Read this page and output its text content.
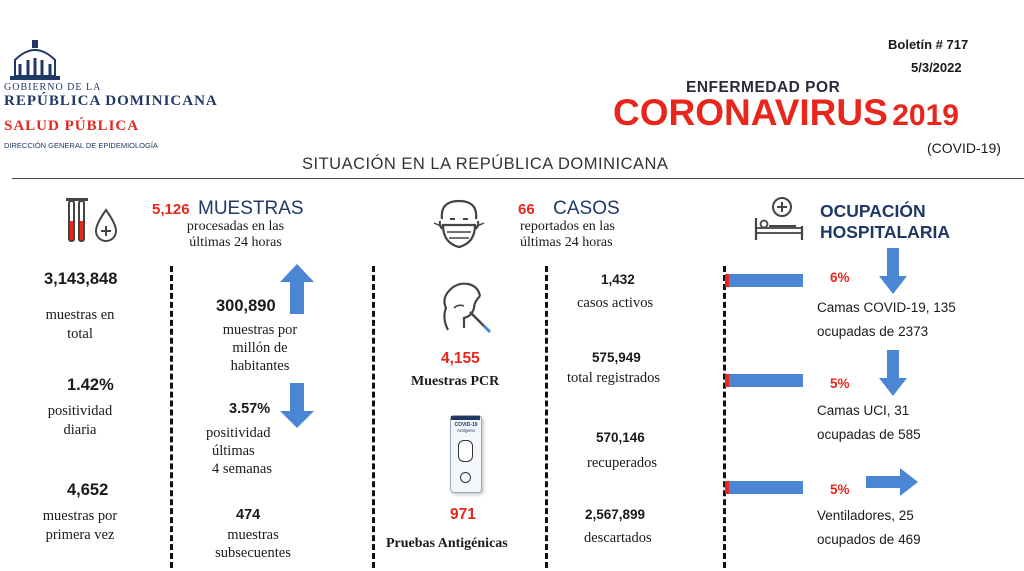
GOBIERNO DE LA
REPÚBLICA DOMINICANA
SALUD PÚBLICA
DIRECCIÓN GENERAL DE EPIDEMIOLOGÍA
Boletín # 717
5/3/2022
ENFERMEDAD POR
CORONAVIRUS 2019
(COVID-19)
SITUACIÓN EN LA REPÚBLICA DOMINICANA
5,126 MUESTRAS
procesadas en las
últimas 24 horas
3,143,848
muestras en
total
1.42%
positividad
diaria
4,652
muestras por
primera vez
300,890
muestras por
millón de
habitantes
3.57%
positividad
últimas
4 semanas
474
muestras
subsecuentes
66 CASOS
reportados en las
últimas 24 horas
4,155
Muestras PCR
COVID-19
Antígeno
971
Pruebas Antigénicas
1,432
casos activos
575,949
total registrados
570,146
recuperados
2,567,899
descartados
OCUPACIÓN
HOSPITALARIA
6%
Camas COVID-19, 135
ocupadas de 2373
5%
Camas UCI, 31
ocupadas de 585
5%
Ventiladores, 25
ocupados de 469
